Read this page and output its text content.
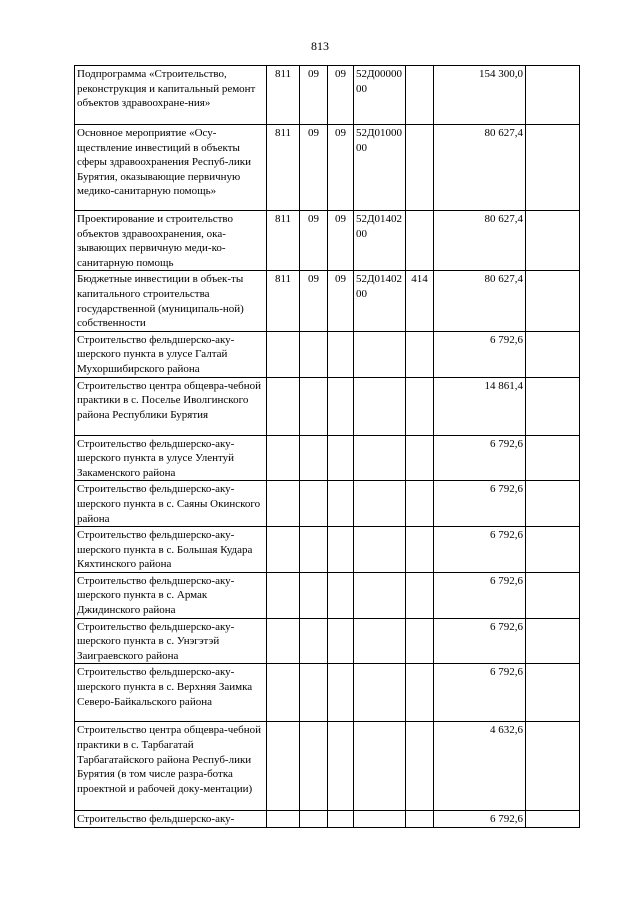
813
Подпрограмма «Строительство, реконструкция и капитальный ремонт объектов здравоохране-ния»	811	09	09	52Д0000000		154 300,0	
Основное мероприятие «Осу-ществление инвестиций в объекты сферы здравоохранения Респуб-лики Бурятия, оказывающие первичную медико-санитарную помощь»	811	09	09	52Д0100000		80 627,4	
Проектирование и строительство объектов здравоохранения, ока-зывающих первичную меди-ко-санитарную помощь	811	09	09	52Д0140200		80 627,4	
Бюджетные инвестиции в объек-ты капитального строительства государственной (муниципаль-ной) собственности	811	09	09	52Д0140200	414	80 627,4	
Строительство фельдшерско-аку-шерского пункта в улусе Галтай Мухоршибирского района						6 792,6	
Строительство центра общевра-чебной практики в с. Поселье Иволгинского района Республики Бурятия						14 861,4	
Строительство фельдшерско-аку-шерского пункта в улусе Улентуй Закаменского района						6 792,6	
Строительство фельдшерско-аку-шерского пункта в с. Саяны Окинского района						6 792,6	
Строительство фельдшерско-аку-шерского пункта в с. Большая Кудара Кяхтинского района						6 792,6	
Строительство фельдшерско-аку-шерского пункта в с. Армак Джидинского района						6 792,6	
Строительство фельдшерско-аку-шерского пункта в с. Унэгэтэй Заиграевского района						6 792,6	
Строительство фельдшерско-аку-шерского пункта в с. Верхняя Заимка Северо-Байкальского района						6 792,6	
Строительство центра общевра-чебной практики в с. Тарбагатай Тарбагатайского района Респуб-лики Бурятия (в том числе разра-ботка проектной и рабочей доку-ментации)						4 632,6	
Строительство фельдшерско-аку-						6 792,6	
